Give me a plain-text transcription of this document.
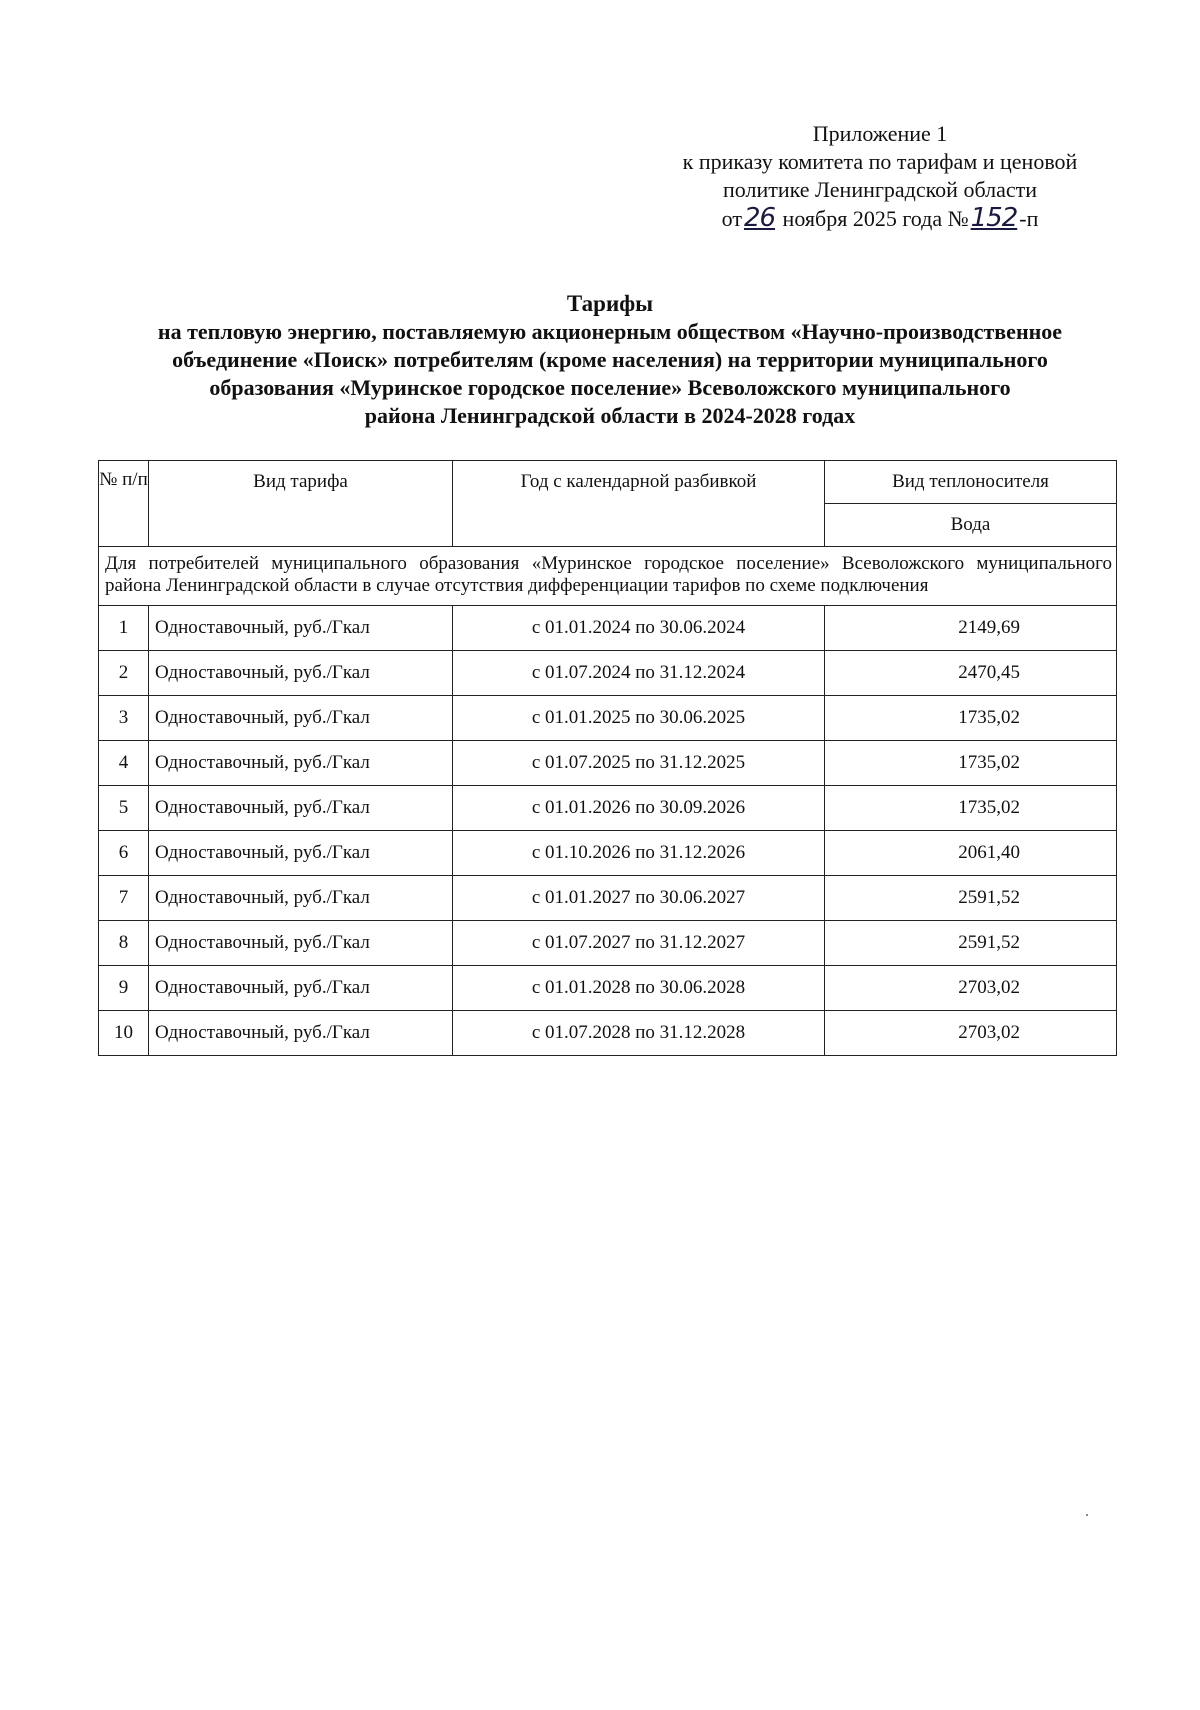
Приложение 1
к приказу комитета по тарифам и ценовой
политике Ленинградской области
от26 ноября 2025 года №152-п
Тарифы
на тепловую энергию, поставляемую акционерным обществом «Научно-производственное
объединение «Поиск» потребителям (кроме населения) на территории муниципального
образования «Муринское городское поселение» Всеволожского муниципального
района Ленинградской области в 2024-2028 годах
№ п/п	Вид тарифа	Год с календарной разбивкой	Вид теплоносителя
			Вода
Для потребителей муниципального образования «Муринское городское поселение» Всеволожского муниципального района Ленинградской области в случае отсутствия дифференциации тарифов по схеме подключения			
1	Одноставочный, руб./Гкал	с 01.01.2024 по 30.06.2024	2149,69
2	Одноставочный, руб./Гкал	с 01.07.2024 по 31.12.2024	2470,45
3	Одноставочный, руб./Гкал	с 01.01.2025 по 30.06.2025	1735,02
4	Одноставочный, руб./Гкал	с 01.07.2025 по 31.12.2025	1735,02
5	Одноставочный, руб./Гкал	с 01.01.2026 по 30.09.2026	1735,02
6	Одноставочный, руб./Гкал	с 01.10.2026 по 31.12.2026	2061,40
7	Одноставочный, руб./Гкал	с 01.01.2027 по 30.06.2027	2591,52
8	Одноставочный, руб./Гкал	с 01.07.2027 по 31.12.2027	2591,52
9	Одноставочный, руб./Гкал	с 01.01.2028 по 30.06.2028	2703,02
10	Одноставочный, руб./Гкал	с 01.07.2028 по 31.12.2028	2703,02
